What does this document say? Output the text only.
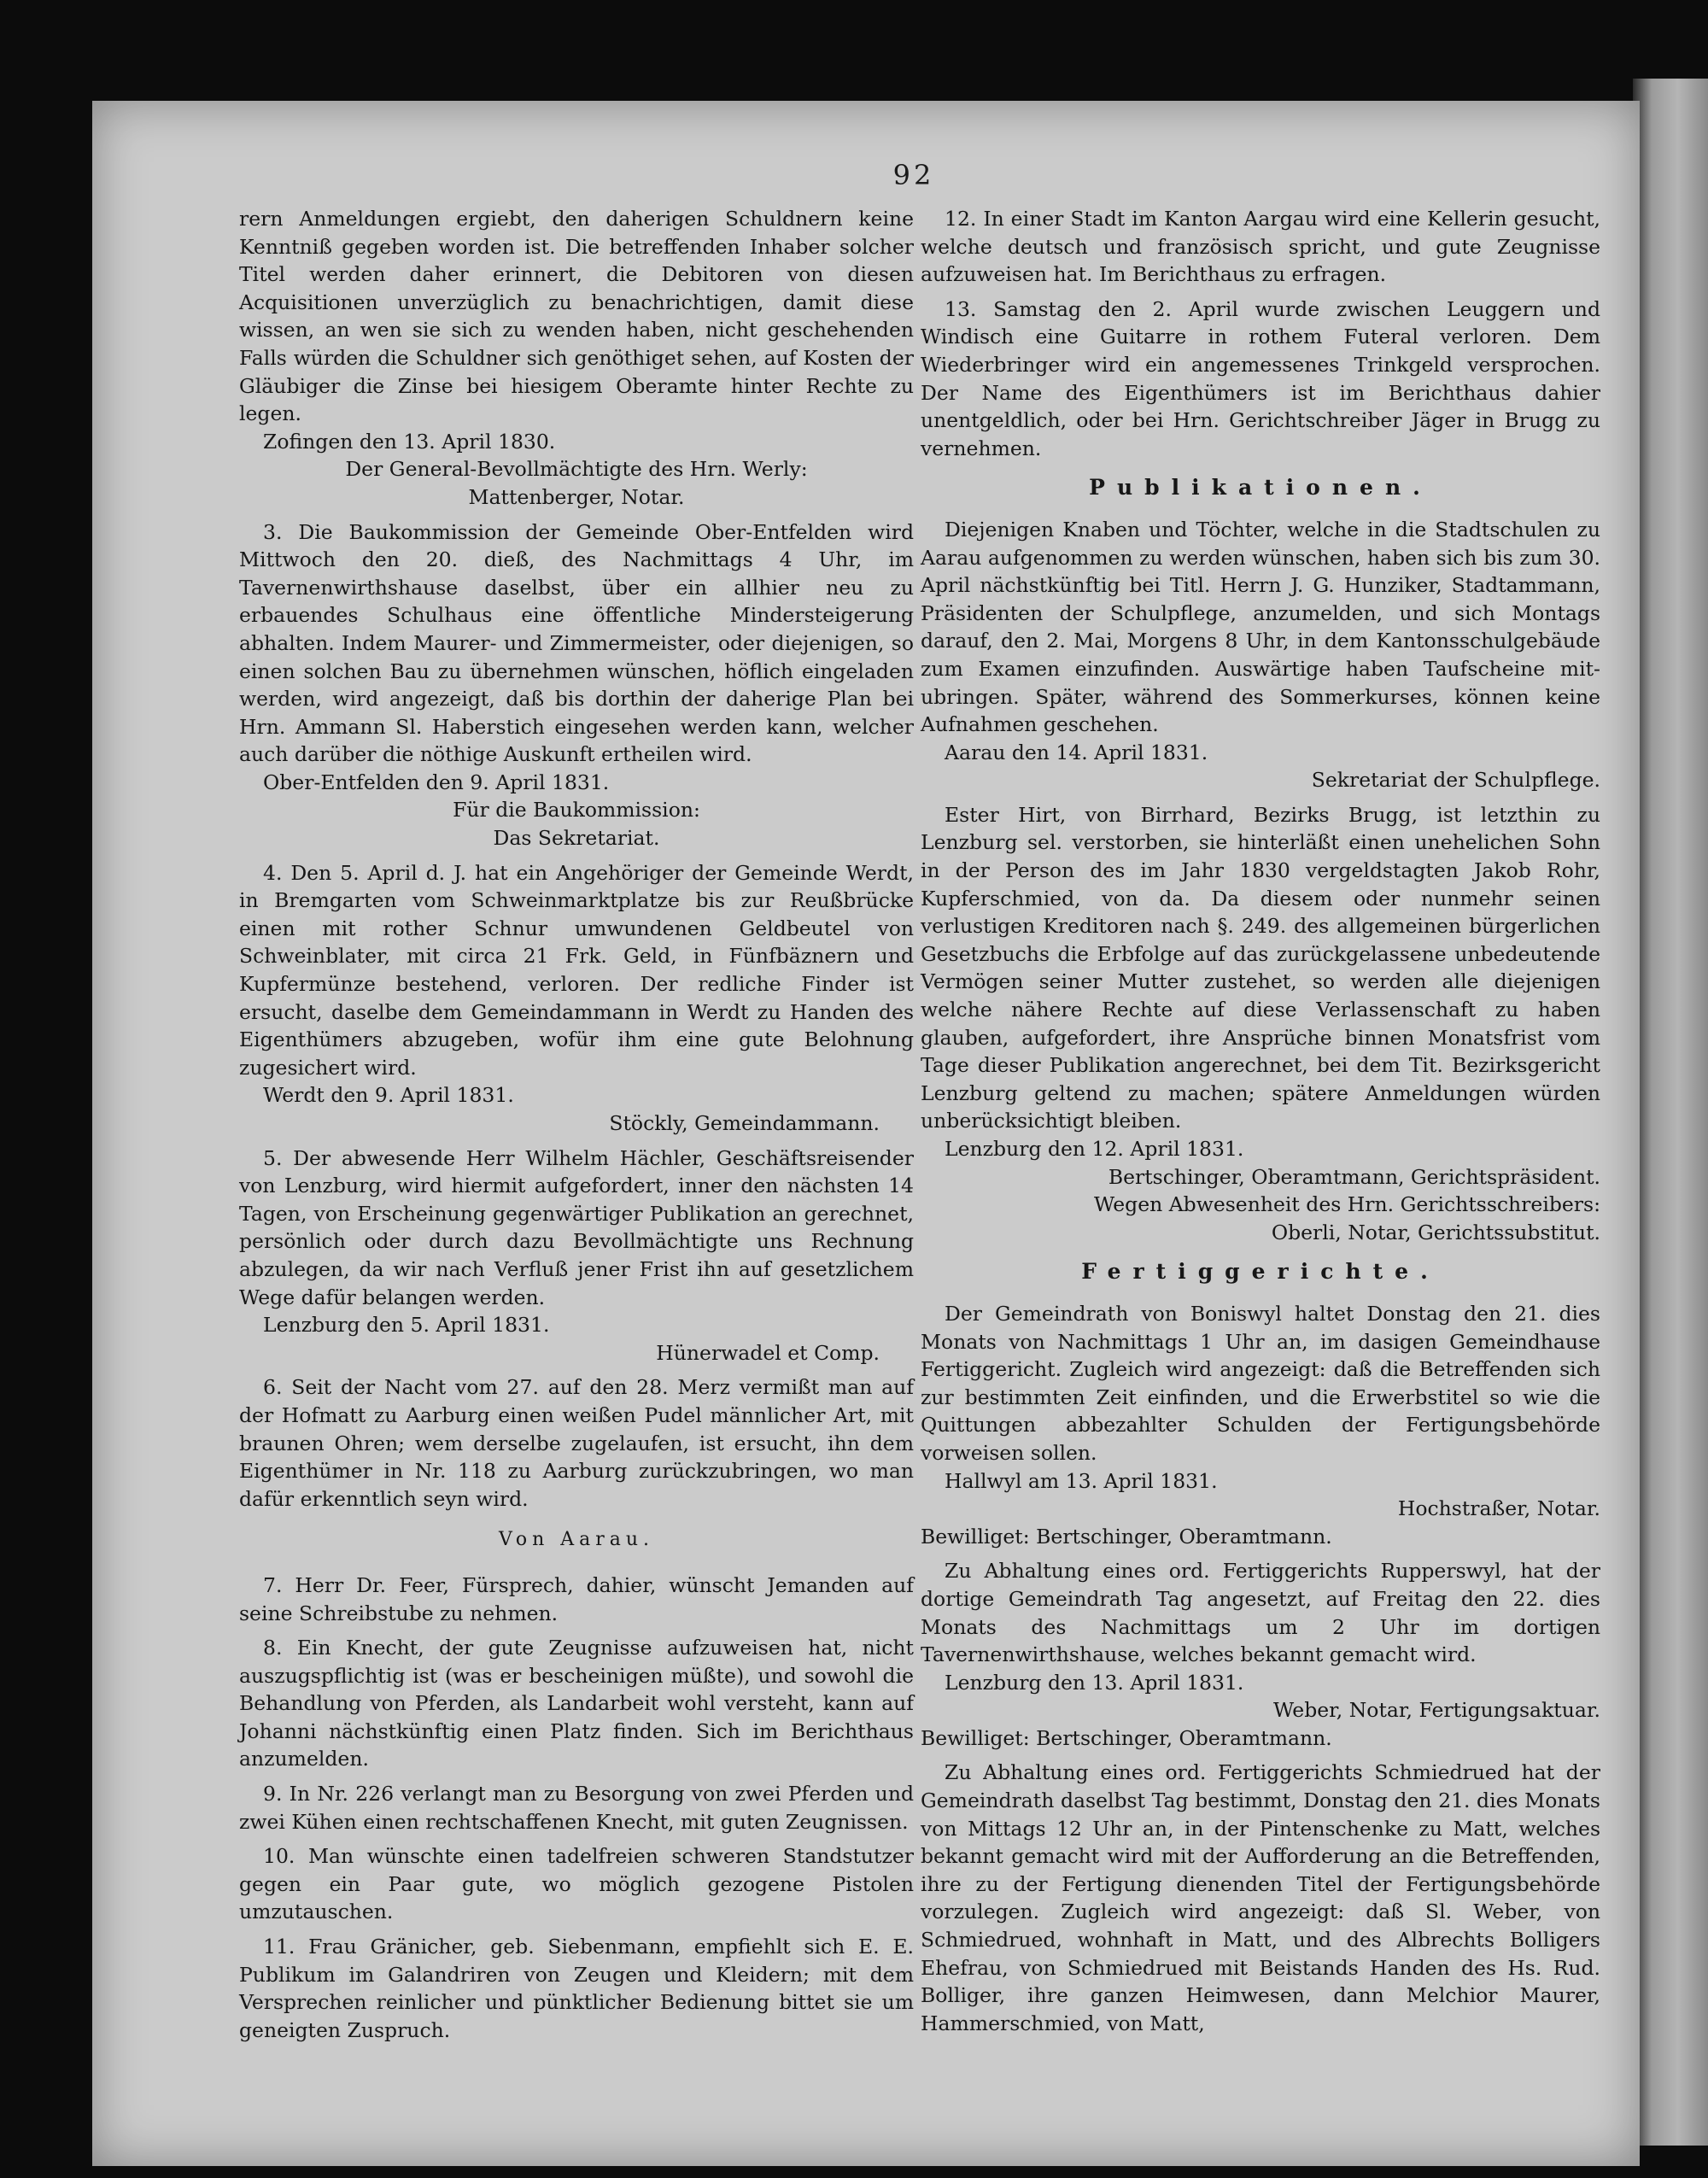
92

rern Anmeldungen ergiebt, den daherigen Schuldnern keine Kenntniß gegeben worden ist. Die betreffenden Inhaber solcher Titel werden daher erinnert, die Debitoren von diesen Acquisitionen unverzüglich zu benachrichtigen, damit diese wissen, an wen sie sich zu wenden haben, nicht geschehenden Falls würden die Schuldner sich genöthiget sehen, auf Kosten der Gläubiger die Zinse bei hiesigem Oberamte hinter Rechte zu legen.

Zofingen den 13. April 1830.

Der General-Bevollmächtigte des Hrn. Werly:

Mattenberger, Notar.

3. Die Baukommission der Gemeinde Ober-Entfelden wird Mittwoch den 20. dieß, des Nachmittags 4 Uhr, im Tavernenwirthshause daselbst, über ein allhier neu zu erbauendes Schulhaus eine öffentliche Mindersteigerung abhalten. Indem Maurer- und Zimmermeister, oder diejenigen, so einen solchen Bau zu übernehmen wünschen, höflich eingeladen werden, wird angezeigt, daß bis dorthin der daherige Plan bei Hrn. Ammann Sl. Haberstich eingesehen werden kann, welcher auch darüber die nöthige Auskunft ertheilen wird.

Ober-Entfelden den 9. April 1831.

Für die Baukommission:

Das Sekretariat.

4. Den 5. April d. J. hat ein Angehöriger der Gemeinde Werdt, in Bremgarten vom Schweinmarktplatze bis zur Reußbrücke einen mit rother Schnur umwundenen Geldbeutel von Schweinblater, mit circa 21 Frk. Geld, in Fünfbäznern und Kupfermünze bestehend, verloren. Der redliche Finder ist ersucht, daselbe dem Gemeindammann in Werdt zu Handen des Eigenthümers abzugeben, wofür ihm eine gute Belohnung zugesichert wird.

Werdt den 9. April 1831.

Stöckly, Gemeindammann.

5. Der abwesende Herr Wilhelm Hächler, Geschäftsreisender von Lenzburg, wird hiermit aufgefordert, inner den nächsten 14 Tagen, von Erscheinung gegenwärtiger Publikation an gerechnet, persönlich oder durch dazu Bevollmächtigte uns Rechnung abzulegen, da wir nach Verfluß jener Frist ihn auf gesetzlichem Wege dafür belangen werden.

Lenzburg den 5. April 1831.

Hünerwadel et Comp.

6. Seit der Nacht vom 27. auf den 28. Merz vermißt man auf der Hofmatt zu Aarburg einen weißen Pudel männlicher Art, mit braunen Ohren; wem derselbe zugelaufen, ist ersucht, ihn dem Eigenthümer in Nr. 118 zu Aarburg zurückzubringen, wo man dafür erkenntlich seyn wird.

Von Aarau.

7. Herr Dr. Feer, Fürsprech, dahier, wünscht Jemanden auf seine Schreibstube zu nehmen.

8. Ein Knecht, der gute Zeugnisse aufzuweisen hat, nicht auszugspflichtig ist (was er bescheinigen müßte), und sowohl die Behandlung von Pferden, als Landarbeit wohl versteht, kann auf Johanni nächstkünftig einen Platz finden. Sich im Berichthaus anzumelden.

9. In Nr. 226 verlangt man zu Besorgung von zwei Pferden und zwei Kühen einen rechtschaffenen Knecht, mit guten Zeugnissen.

10. Man wünschte einen tadelfreien schweren Standstutzer gegen ein Paar gute, wo möglich gezogene Pistolen umzutauschen.

11. Frau Gränicher, geb. Siebenmann, empfiehlt sich E. E. Publikum im Galandriren von Zeugen und Kleidern; mit dem Versprechen reinlicher und pünktlicher Bedienung bittet sie um geneigten Zuspruch.

12. In einer Stadt im Kanton Aargau wird eine Kellerin gesucht, welche deutsch und französisch spricht, und gute Zeugnisse aufzuweisen hat. Im Berichthaus zu erfragen.

13. Samstag den 2. April wurde zwischen Leuggern und Windisch eine Guitarre in rothem Futeral verloren. Dem Wiederbringer wird ein angemessenes Trinkgeld versprochen. Der Name des Eigenthümers ist im Berichthaus dahier unentgeldlich, oder bei Hrn. Gerichtschreiber Jäger in Brugg zu vernehmen.

Publikationen.

Diejenigen Knaben und Töchter, welche in die Stadtschulen zu Aarau aufgenommen zu werden wünschen, haben sich bis zum 30. April nächstkünftig bei Titl. Herrn J. G. Hunziker, Stadtammann, Präsidenten der Schulpflege, anzumelden, und sich Montags darauf, den 2. Mai, Morgens 8 Uhr, in dem Kantonsschulgebäude zum Examen einzufinden. Auswärtige haben Taufscheine mit-ubringen. Später, während des Sommerkurses, können keine Aufnahmen geschehen.

Aarau den 14. April 1831.

Sekretariat der Schulpflege.

Ester Hirt, von Birrhard, Bezirks Brugg, ist letzthin zu Lenzburg sel. verstorben, sie hinterläßt einen unehelichen Sohn in der Person des im Jahr 1830 vergeldstagten Jakob Rohr, Kupferschmied, von da. Da diesem oder nunmehr seinen verlustigen Kreditoren nach §. 249. des allgemeinen bürgerlichen Gesetzbuchs die Erbfolge auf das zurückgelassene unbedeutende Vermögen seiner Mutter zustehet, so werden alle diejenigen welche nähere Rechte auf diese Verlassenschaft zu haben glauben, aufgefordert, ihre Ansprüche binnen Monatsfrist vom Tage dieser Publikation angerechnet, bei dem Tit. Bezirksgericht Lenzburg geltend zu machen; spätere Anmeldungen würden unberücksichtigt bleiben.

Lenzburg den 12. April 1831.

Bertschinger, Oberamtmann, Gerichtspräsident.

Wegen Abwesenheit des Hrn. Gerichtsschreibers:

Oberli, Notar, Gerichtssubstitut.

Fertiggerichte.

Der Gemeindrath von Boniswyl haltet Donstag den 21. dies Monats von Nachmittags 1 Uhr an, im dasigen Gemeindhause Fertiggericht. Zugleich wird angezeigt: daß die Betreffenden sich zur bestimmten Zeit einfinden, und die Erwerbstitel so wie die Quittungen abbezahlter Schulden der Fertigungsbehörde vorweisen sollen.

Hallwyl am 13. April 1831.

Hochstraßer, Notar.

Bewilliget: Bertschinger, Oberamtmann.

Zu Abhaltung eines ord. Fertiggerichts Rupperswyl, hat der dortige Gemeindrath Tag angesetzt, auf Freitag den 22. dies Monats des Nachmittags um 2 Uhr im dortigen Tavernenwirthshause, welches bekannt gemacht wird.

Lenzburg den 13. April 1831.

Weber, Notar, Fertigungsaktuar.

Bewilliget: Bertschinger, Oberamtmann.

Zu Abhaltung eines ord. Fertiggerichts Schmiedrued hat der Gemeindrath daselbst Tag bestimmt, Donstag den 21. dies Monats von Mittags 12 Uhr an, in der Pintenschenke zu Matt, welches bekannt gemacht wird mit der Aufforderung an die Betreffenden, ihre zu der Fertigung dienenden Titel der Fertigungsbehörde vorzulegen. Zugleich wird angezeigt: daß Sl. Weber, von Schmiedrued, wohnhaft in Matt, und des Albrechts Bolligers Ehefrau, von Schmiedrued mit Beistands Handen des Hs. Rud. Bolliger, ihre ganzen Heimwesen, dann Melchior Maurer, Hammerschmied, von Matt,
